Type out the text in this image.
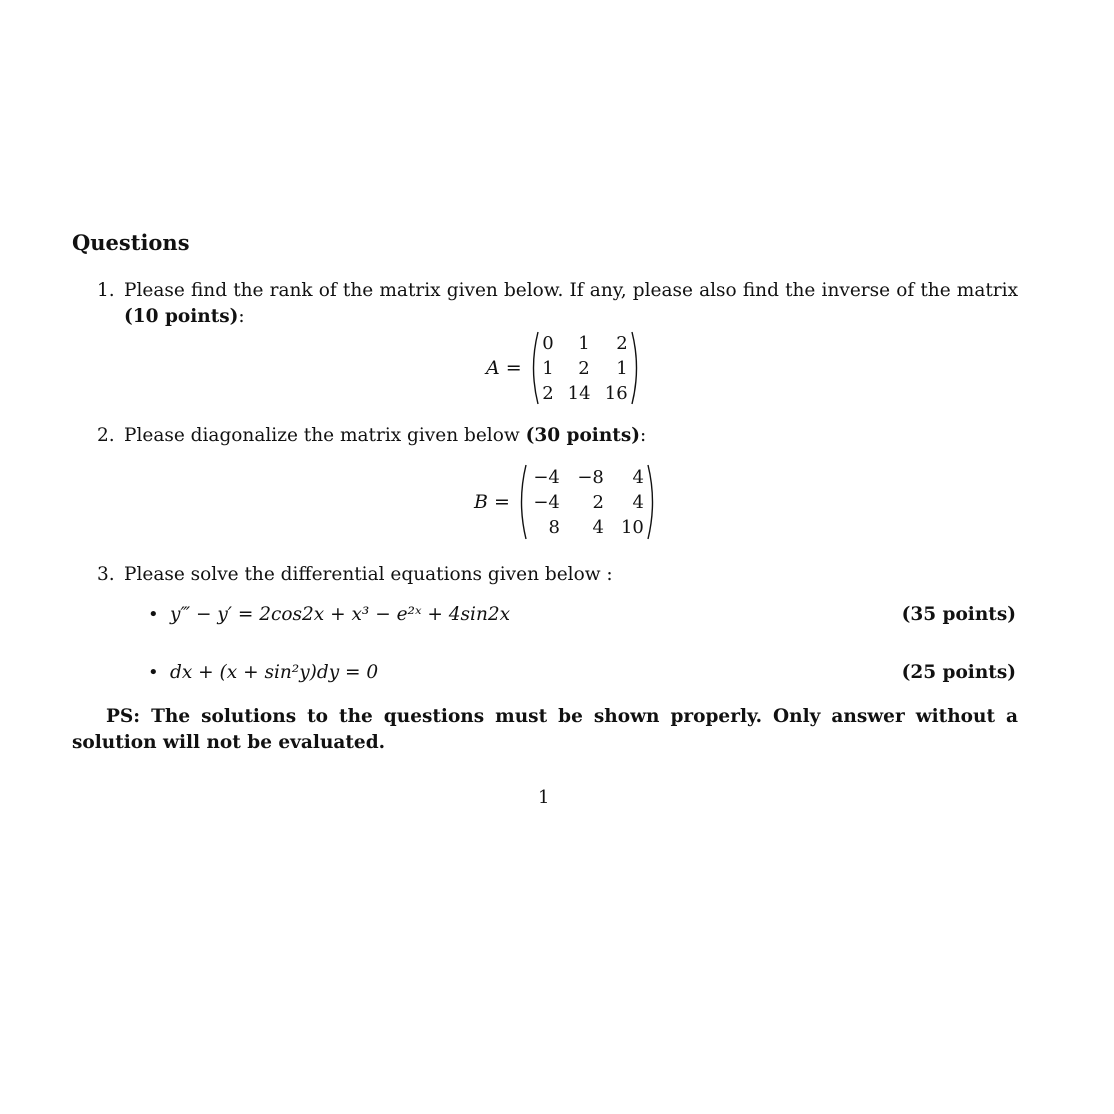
Questions
1. Please find the rank of the matrix given below. If any, please also find the inverse of the matrix
(10 points):
A =
0	1	2
1	2	1
2 14 16
2. Please diagonalize the matrix given below (30 points):
B =
−4 −8	4
−4	2	4
8	4 10
3. Please solve the differential equations given below :
• y‴ − y′ = 2cos2x + x³ − e²ˣ + 4sin2x	(35 points)
• dx + (x + sin²y)dy = 0	(25 points)
PS: The solutions to the questions must be shown properly. Only answer without a
solution will not be evaluated.
1
